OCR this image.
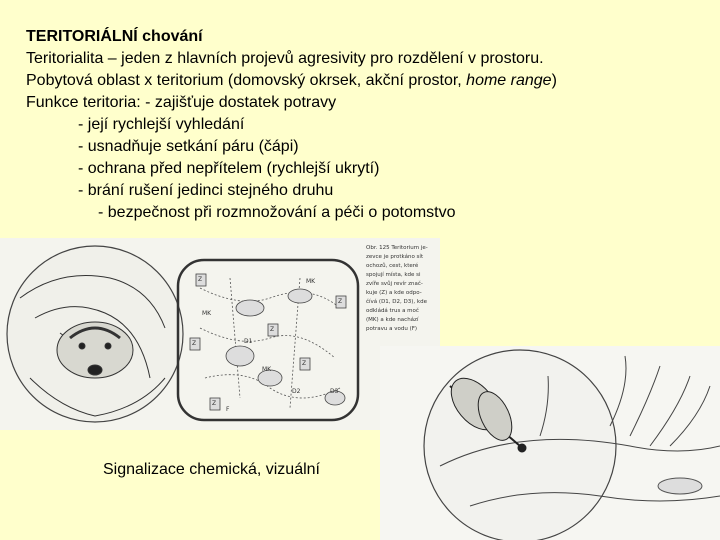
TERITORIÁLNÍ chování
Teritorialita – jeden z hlavních projevů agresivity pro rozdělení v prostoru.
Pobytová oblast x teritorium (domovský okrsek, akční prostor, home range)
Funkce teritoria: - zajišťuje dostatek potravy
- její rychlejší vyhledání
- usnadňuje setkání páru (čápi)
- ochrana před nepřítelem (rychlejší ukrytí)
- brání rušení jedinci stejného druhu
- bezpečnost při rozmnožování a péči o potomstvo
Obr. 125 Teritorium je-
zevce je protkáno sít
ochozů, cest, které
spojují místa, kde si
zvíře svůj revír znač-
kuje (Z) a kde odpo-
čívá (D1, D2, D3), kde
odkládá trus a moč
(MK) a kde nachází
potravu a vodu (F)
MK
MK
MK
Z
Z
Z
Z
Z
Z
D1
D2	D3
F
Signalizace chemická, vizuální
